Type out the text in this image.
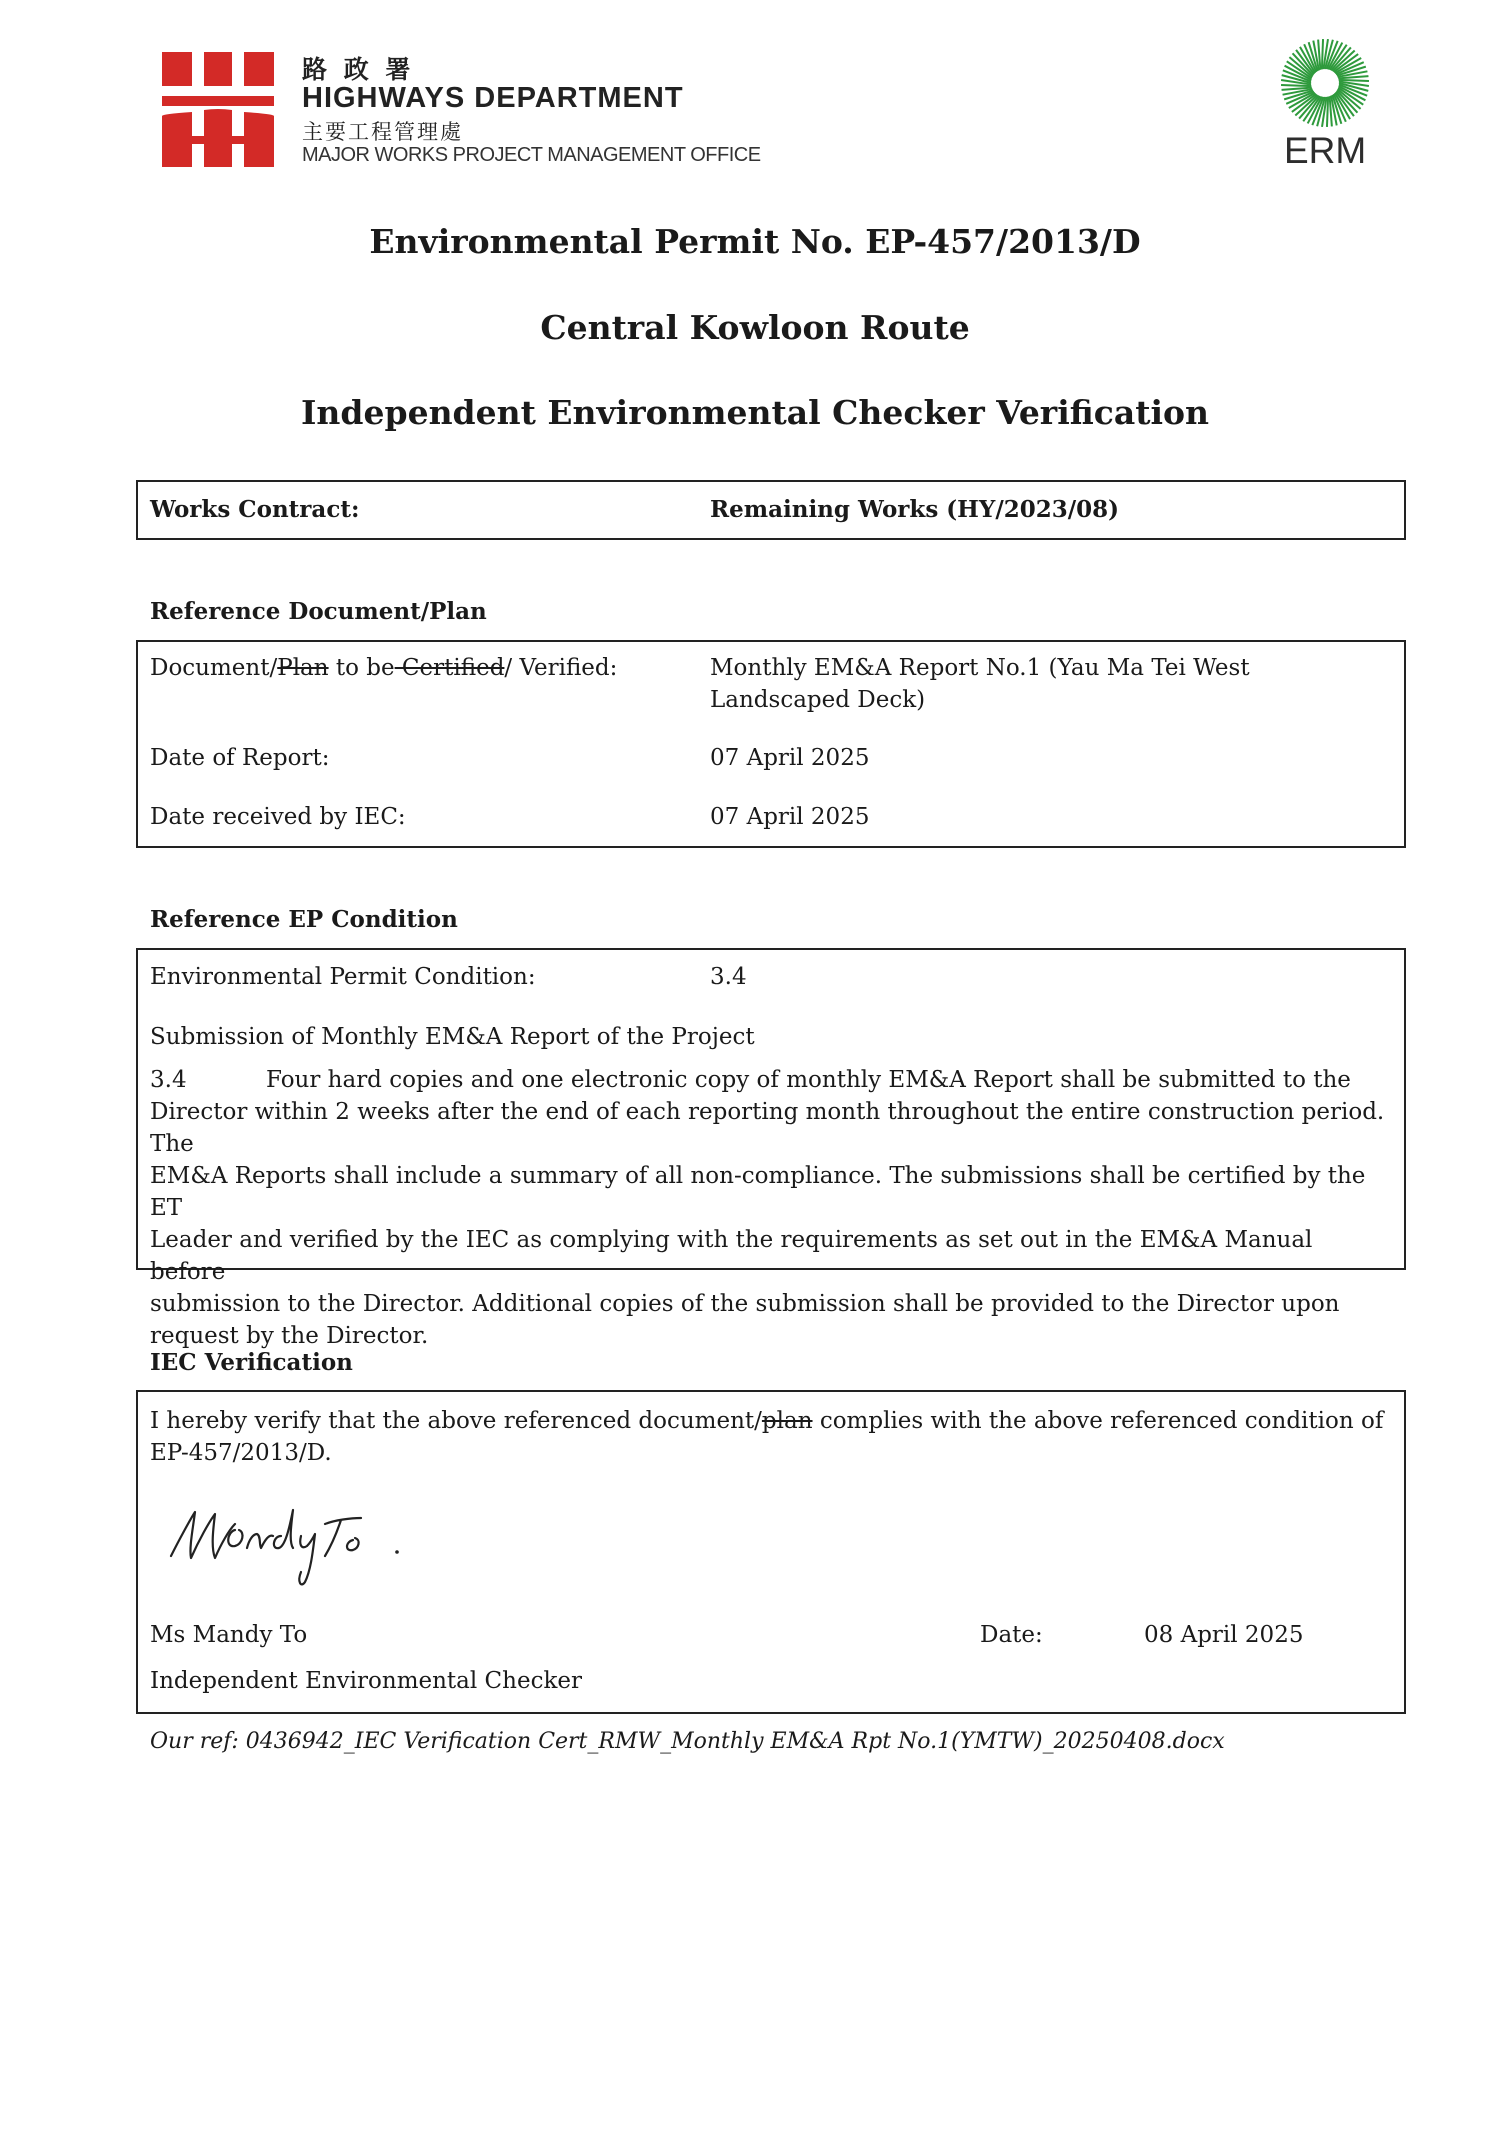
路 政 署
HIGHWAYS DEPARTMENT
主要工程管理處
MAJOR WORKS PROJECT MANAGEMENT OFFICE	ERM
Environmental Permit No. EP-457/2013/D
Central Kowloon Route
Independent Environmental Checker Verification
Works Contract:	Remaining Works (HY/2023/08)
Reference Document/Plan
Document/Plan to be Certified/ Verified:	Monthly EM&A Report No.1 (Yau Ma Tei West
Landscaped Deck)
Date of Report:	07 April 2025
Date received by IEC:	07 April 2025
Reference EP Condition
Environmental Permit Condition:	3.4
Submission of Monthly EM&A Report of the Project
3.4	Four hard copies and one electronic copy of monthly EM&A Report shall be submitted to the
Director within 2 weeks after the end of each reporting month throughout the entire construction period. The
EM&A Reports shall include a summary of all non-compliance. The submissions shall be certified by the ET
Leader and verified by the IEC as complying with the requirements as set out in the EM&A Manual before
submission to the Director. Additional copies of the submission shall be provided to the Director upon
request by the Director.
IEC Verification
I hereby verify that the above referenced document/plan complies with the above referenced condition of
EP-457/2013/D.
Ms Mandy To	Date:	08 April 2025
Independent Environmental Checker
Our ref: 0436942_IEC Verification Cert_RMW_Monthly EM&A Rpt No.1(YMTW)_20250408.docx
